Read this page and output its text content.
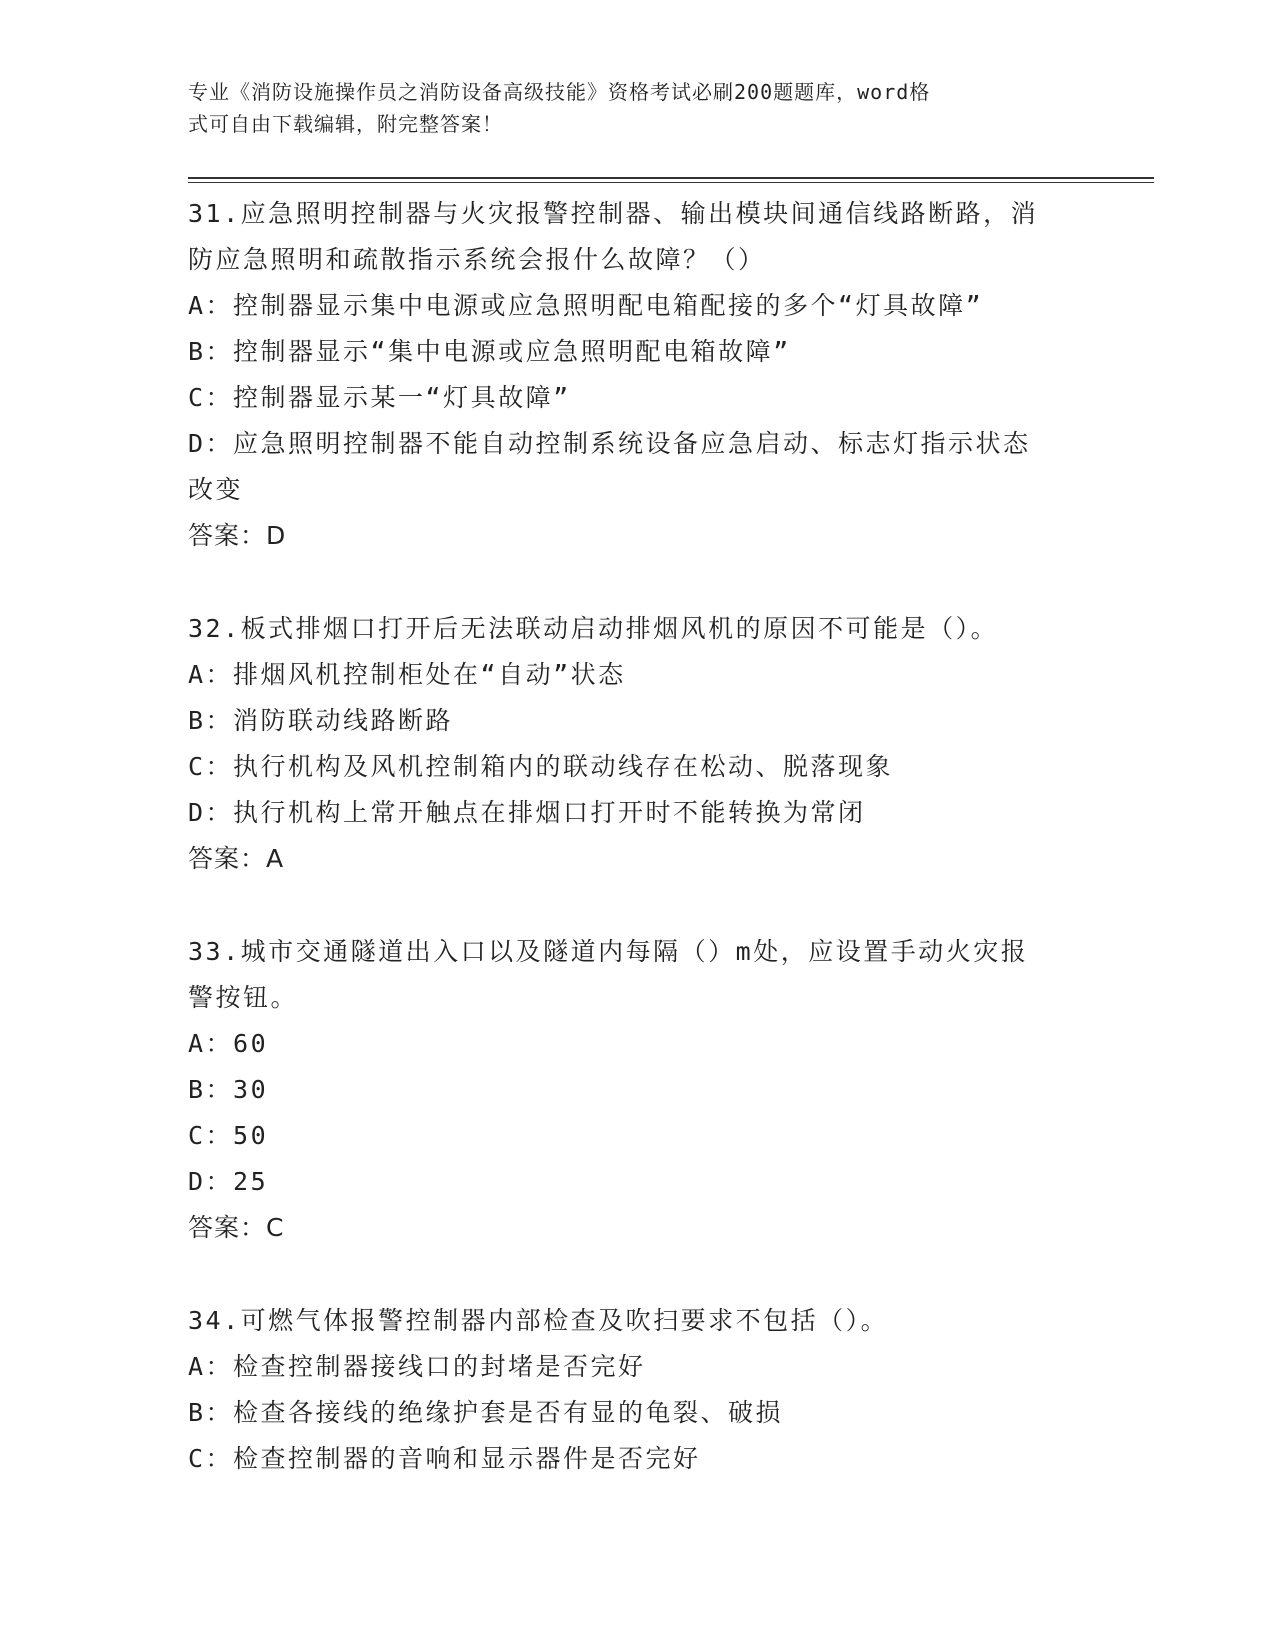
专业《消防设施操作员之消防设备高级技能》资格考试必刷200题题库，word格
式可自由下载编辑，附完整答案！
31.应急照明控制器与火灾报警控制器、输出模块间通信线路断路，消
防应急照明和疏散指示系统会报什么故障？（）
A：控制器显示集中电源或应急照明配电箱配接的多个“灯具故障”
B：控制器显示“集中电源或应急照明配电箱故障”
C：控制器显示某一“灯具故障”
D：应急照明控制器不能自动控制系统设备应急启动、标志灯指示状态
改变
答案：D
32.板式排烟口打开后无法联动启动排烟风机的原因不可能是（）。
A：排烟风机控制柜处在“自动”状态
B：消防联动线路断路
C：执行机构及风机控制箱内的联动线存在松动、脱落现象
D：执行机构上常开触点在排烟口打开时不能转换为常闭
答案：A
33.城市交通隧道出入口以及隧道内每隔（）m处，应设置手动火灾报
警按钮。
A：60
B：30
C：50
D：25
答案：C
34.可燃气体报警控制器内部检查及吹扫要求不包括（）。
A：检查控制器接线口的封堵是否完好
B：检查各接线的绝缘护套是否有显的龟裂、破损
C：检查控制器的音响和显示器件是否完好
